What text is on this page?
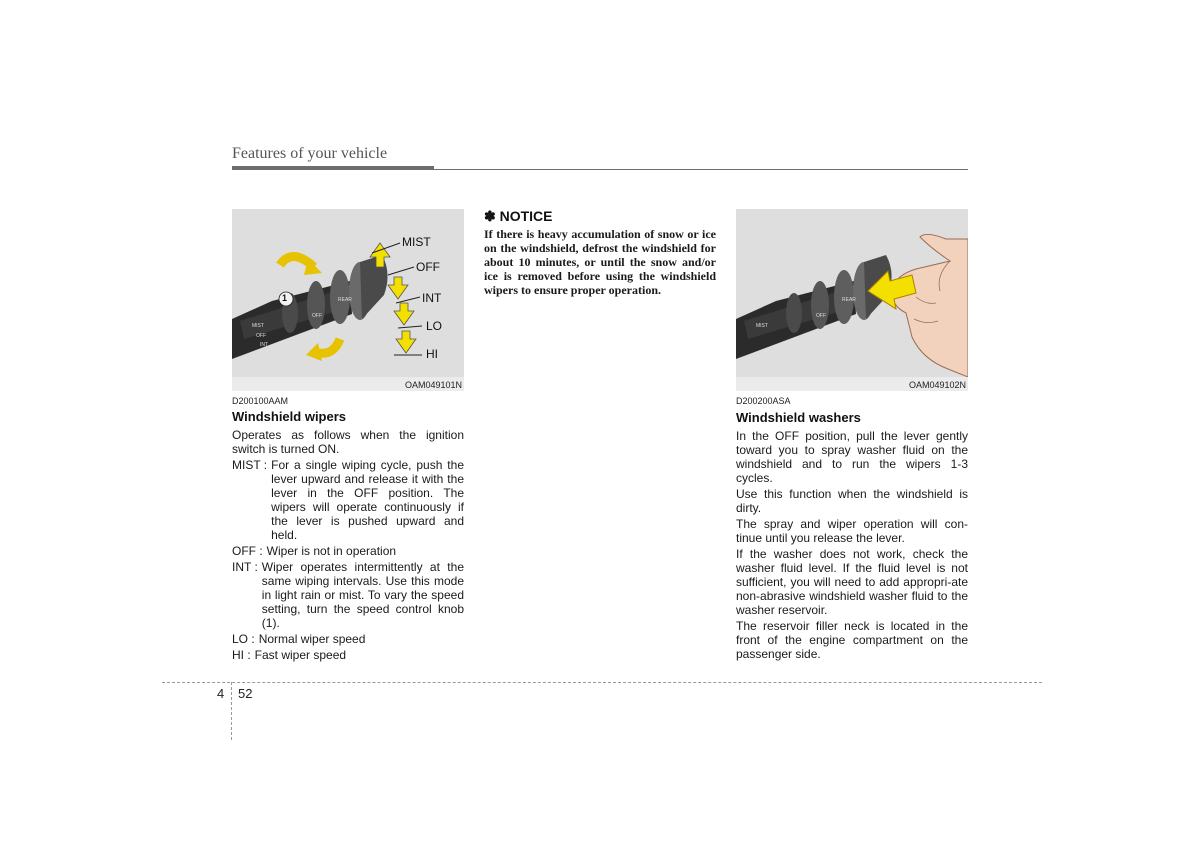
Features of your vehicle
MIST
OFF
INT
OFF
REAR
1
MIST
OFF
INT
LO
HI
OAM049101N
MIST
OFF
REAR
OAM049102N
D200100AAM
Windshield wipers
Operates as follows when the ignition switch is turned ON.
MIST : For a single wiping cycle, push the lever upward and release it with the lever in the OFF position. The wipers will operate continuously if the lever is pushed upward and held.

OFF : Wiper is not in operation

INT : Wiper operates intermittently at the same wiping intervals. Use this mode in light rain or mist. To vary the speed setting, turn the speed control knob (1).

LO : Normal wiper speed

HI : Fast wiper speed

✽ NOTICE
If there is heavy accumulation of snow or ice on the windshield, defrost the windshield for about 10 minutes, or until the snow and/or ice is removed before using the windshield wipers to ensure proper operation.
D200200ASA
Windshield washers
In the OFF position, pull the lever gently toward you to spray washer fluid on the windshield and to run the wipers 1-3 cycles.
Use this function when the windshield is dirty.
The spray and wiper operation will con-tinue until you release the lever.
If the washer does not work, check the washer fluid level. If the fluid level is not sufficient, you will need to add appropri-ate non-abrasive windshield washer fluid to the washer reservoir.
The reservoir filler neck is located in the front of the engine compartment on the passenger side.
4 52
